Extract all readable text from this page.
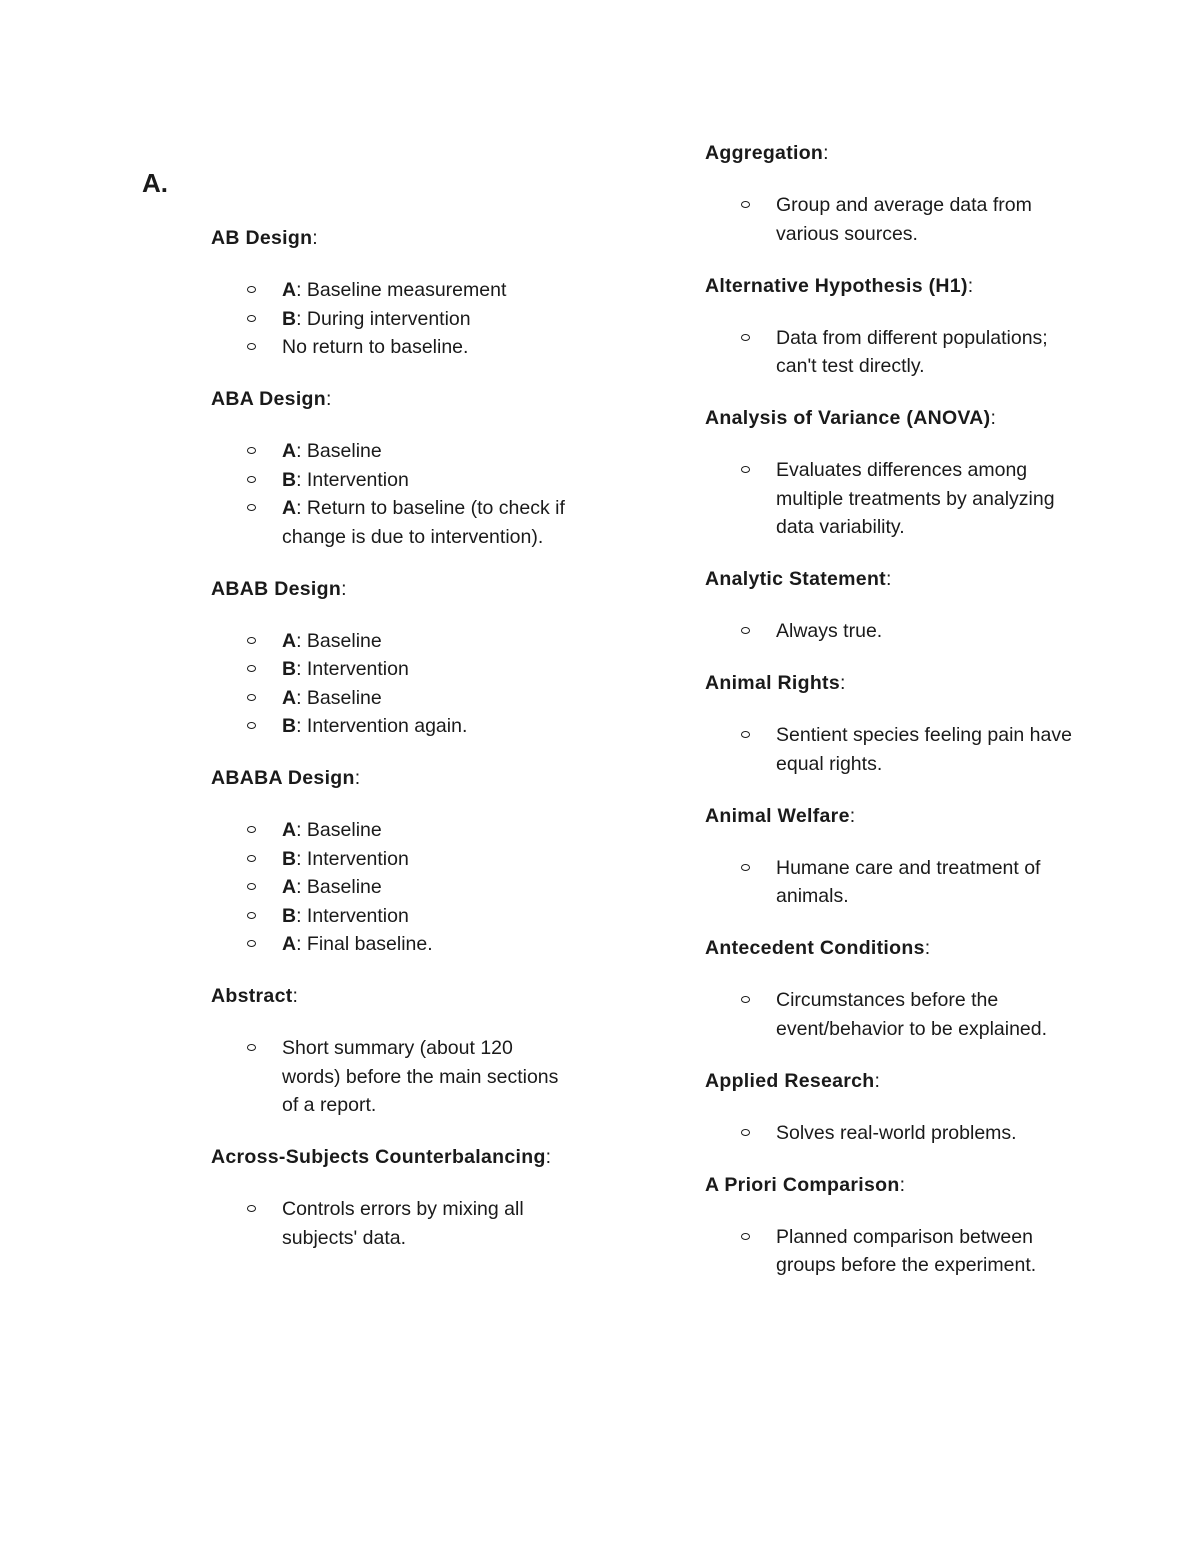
A.

AB Design:

A: Baseline measurement
B: During intervention
No return to baseline.

ABA Design:

A: Baseline
B: Intervention
A: Return to baseline (to check if change is due to intervention).

ABAB Design:

A: Baseline
B: Intervention
A: Baseline
B: Intervention again.

ABABA Design:

A: Baseline
B: Intervention
A: Baseline
B: Intervention
A: Final baseline.

Abstract:

Short summary (about 120 words) before the main sections of a report.

Across-Subjects Counterbalancing:

Controls errors by mixing all subjects' data.

Aggregation:

Group and average data from various sources.

Alternative Hypothesis (H1):

Data from different populations; can't test directly.

Analysis of Variance (ANOVA):

Evaluates differences among multiple treatments by analyzing data variability.

Analytic Statement:

Always true.

Animal Rights:

Sentient species feeling pain have equal rights.

Animal Welfare:

Humane care and treatment of animals.

Antecedent Conditions:

Circumstances before the event/behavior to be explained.

Applied Research:

Solves real-world problems.

A Priori Comparison:

Planned comparison between groups before the experiment.
